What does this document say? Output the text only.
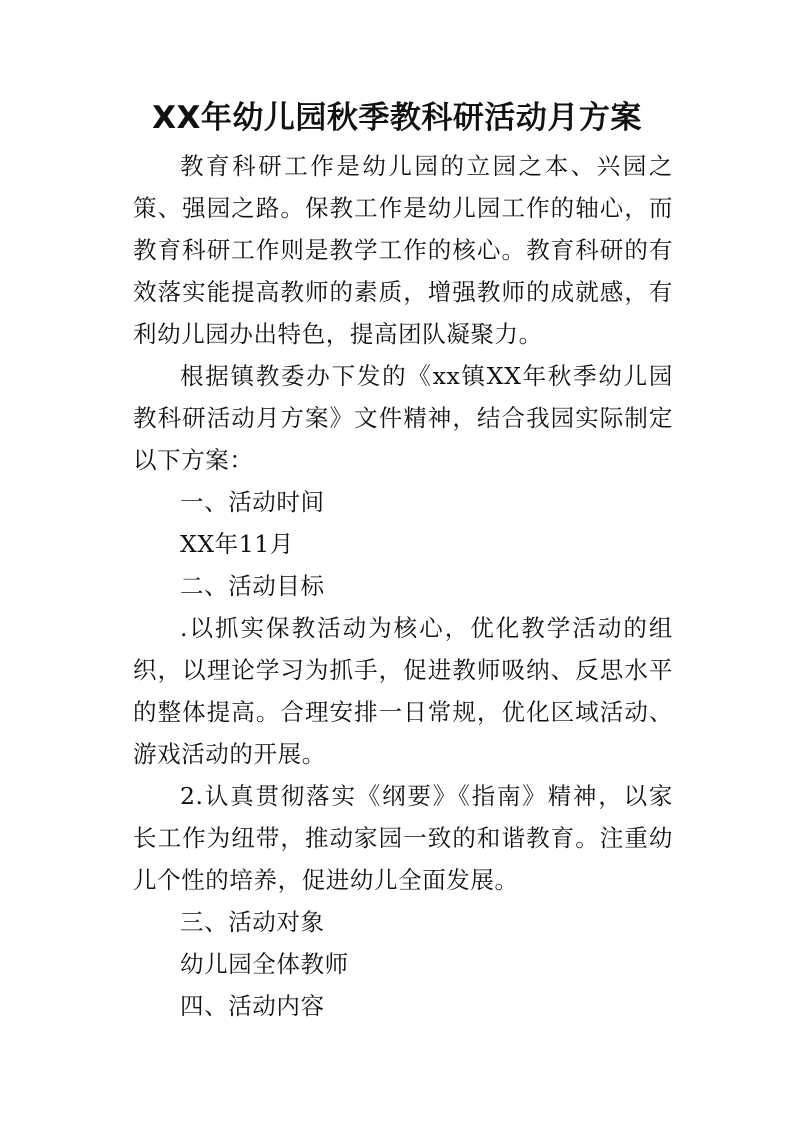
XX年幼儿园秋季教科研活动月方案

教育科研工作是幼儿园的立园之本、兴园之策、强园之路。保教工作是幼儿园工作的轴心，而教育科研工作则是教学工作的核心。教育科研的有效落实能提高教师的素质，增强教师的成就感，有利幼儿园办出特色，提高团队凝聚力。

根据镇教委办下发的《xx镇XX年秋季幼儿园教科研活动月方案》文件精神，结合我园实际制定以下方案：

一、活动时间

XX年11月

二、活动目标

.以抓实保教活动为核心，优化教学活动的组织，以理论学习为抓手，促进教师吸纳、反思水平的整体提高。合理安排一日常规，优化区域活动、游戏活动的开展。

2.认真贯彻落实《纲要》《指南》精神，以家长工作为纽带，推动家园一致的和谐教育。注重幼儿个性的培养，促进幼儿全面发展。

三、活动对象

幼儿园全体教师

四、活动内容
